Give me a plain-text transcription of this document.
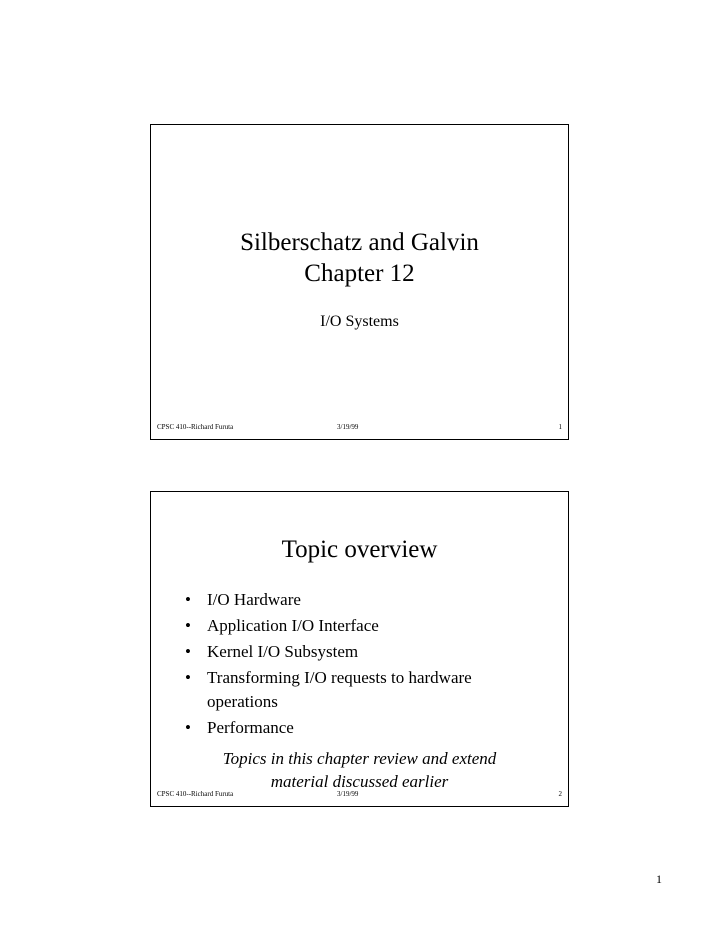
Silberschatz and Galvin
Chapter 12
I/O Systems
CPSC 410--Richard Furuta	3/19/99	1
Topic overview
• I/O Hardware
• Application I/O Interface
• Kernel I/O Subsystem
• Transforming I/O requests to hardware operations
• Performance
Topics in this chapter review and extend
material discussed earlier
CPSC 410--Richard Furuta	3/19/99	2
1
